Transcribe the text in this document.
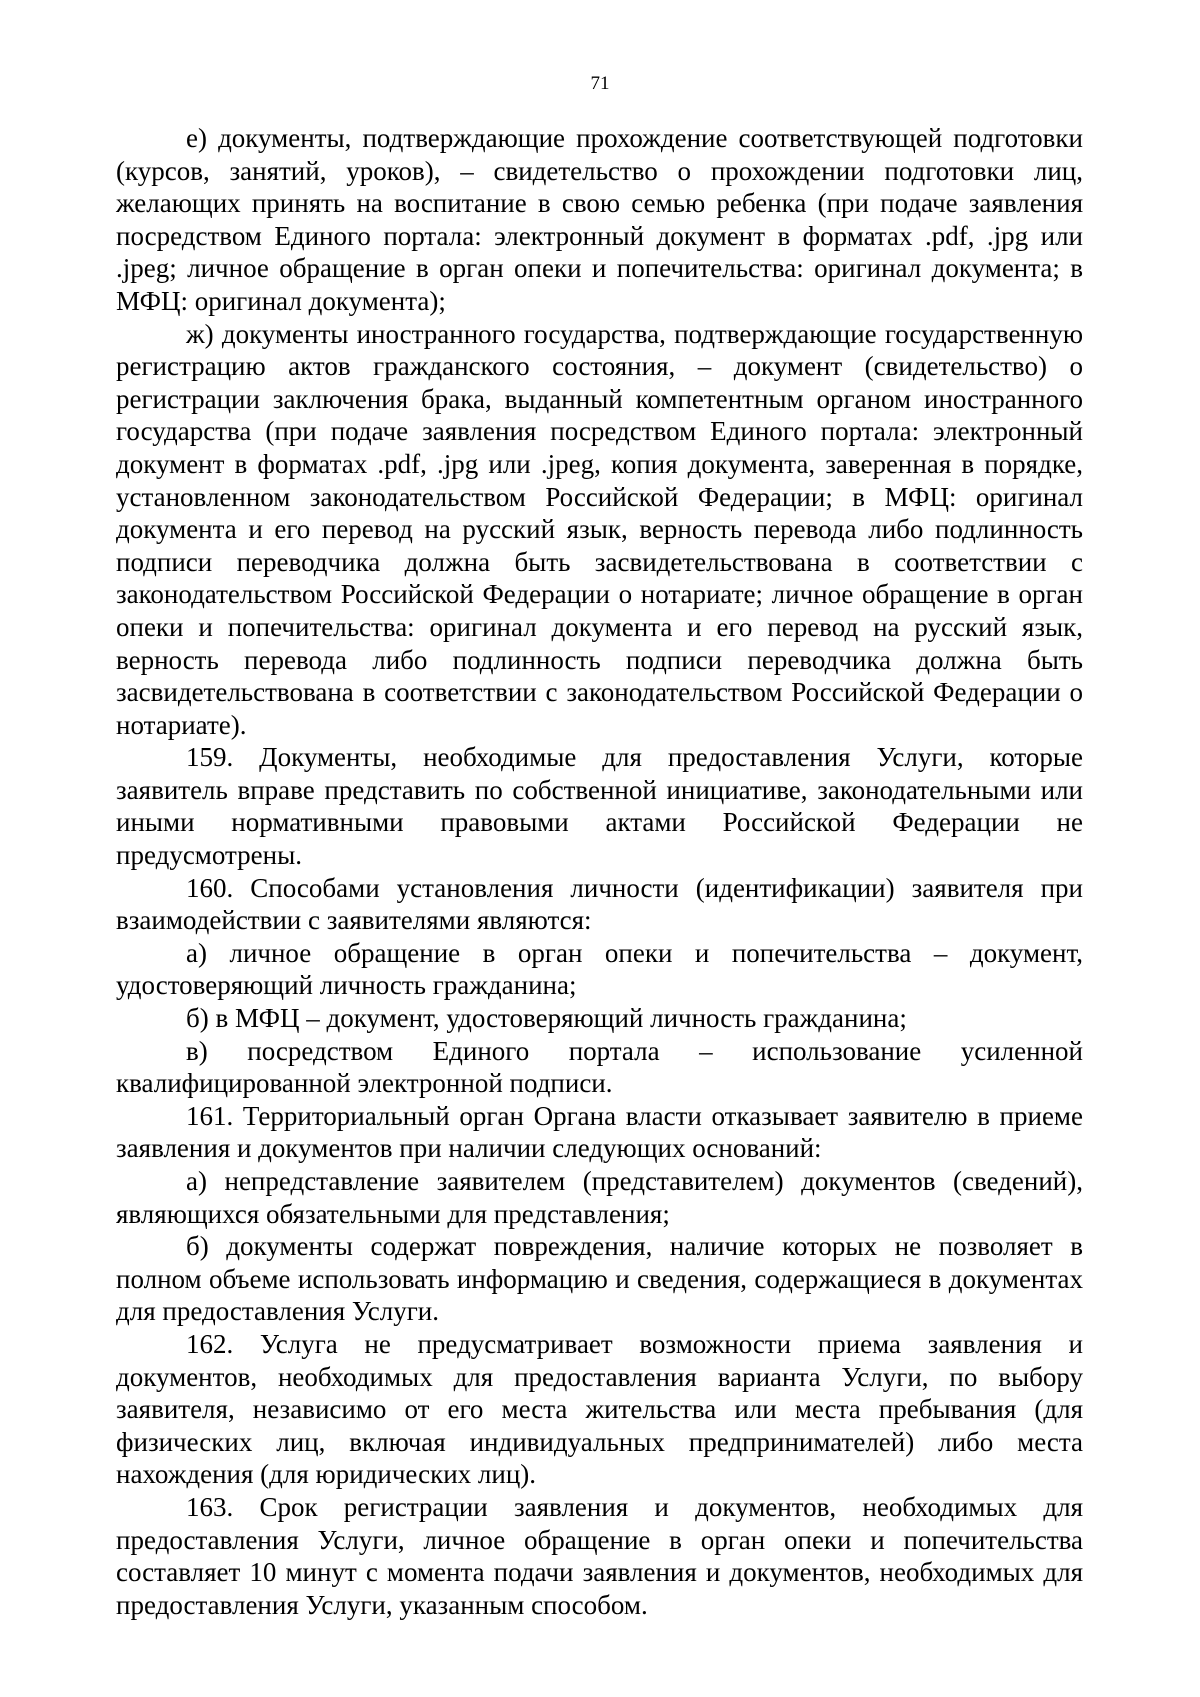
71

е) документы, подтверждающие прохождение соответствующей подготовки (курсов, занятий, уроков), – свидетельство о прохождении подготовки лиц, желающих принять на воспитание в свою семью ребенка (при подаче заявления посредством Единого портала: электронный документ в форматах .pdf, .jpg или .jpeg; личное обращение в орган опеки и попечительства: оригинал документа; в МФЦ: оригинал документа);

ж) документы иностранного государства, подтверждающие государственную регистрацию актов гражданского состояния, – документ (свидетельство) о регистрации заключения брака, выданный компетентным органом иностранного государства (при подаче заявления посредством Единого портала: электронный документ в форматах .pdf, .jpg или .jpeg, копия документа, заверенная в порядке, установленном законодательством Российской Федерации; в МФЦ: оригинал документа и его перевод на русский язык, верность перевода либо подлинность подписи переводчика должна быть засвидетельствована в соответствии с законодательством Российской Федерации о нотариате; личное обращение в орган опеки и попечительства: оригинал документа и его перевод на русский язык, верность перевода либо подлинность подписи переводчика должна быть засвидетельствована в соответствии с законодательством Российской Федерации о нотариате).

159. Документы, необходимые для предоставления Услуги, которые заявитель вправе представить по собственной инициативе, законодательными или иными нормативными правовыми актами Российской Федерации не предусмотрены.

160. Способами установления личности (идентификации) заявителя при взаимодействии с заявителями являются:

а) личное обращение в орган опеки и попечительства – документ, удостоверяющий личность гражданина;

б) в МФЦ – документ, удостоверяющий личность гражданина;

в) посредством Единого портала – использование усиленной квалифицированной электронной подписи.

161. Территориальный орган Органа власти отказывает заявителю в приеме заявления и документов при наличии следующих оснований:

а) непредставление заявителем (представителем) документов (сведений), являющихся обязательными для представления;

б) документы содержат повреждения, наличие которых не позволяет в полном объеме использовать информацию и сведения, содержащиеся в документах для предоставления Услуги.

162. Услуга не предусматривает возможности приема заявления и документов, необходимых для предоставления варианта Услуги, по выбору заявителя, независимо от его места жительства или места пребывания (для физических лиц, включая индивидуальных предпринимателей) либо места нахождения (для юридических лиц).

163. Срок регистрации заявления и документов, необходимых для предоставления Услуги, личное обращение в орган опеки и попечительства составляет 10 минут с момента подачи заявления и документов, необходимых для предоставления Услуги, указанным способом.
